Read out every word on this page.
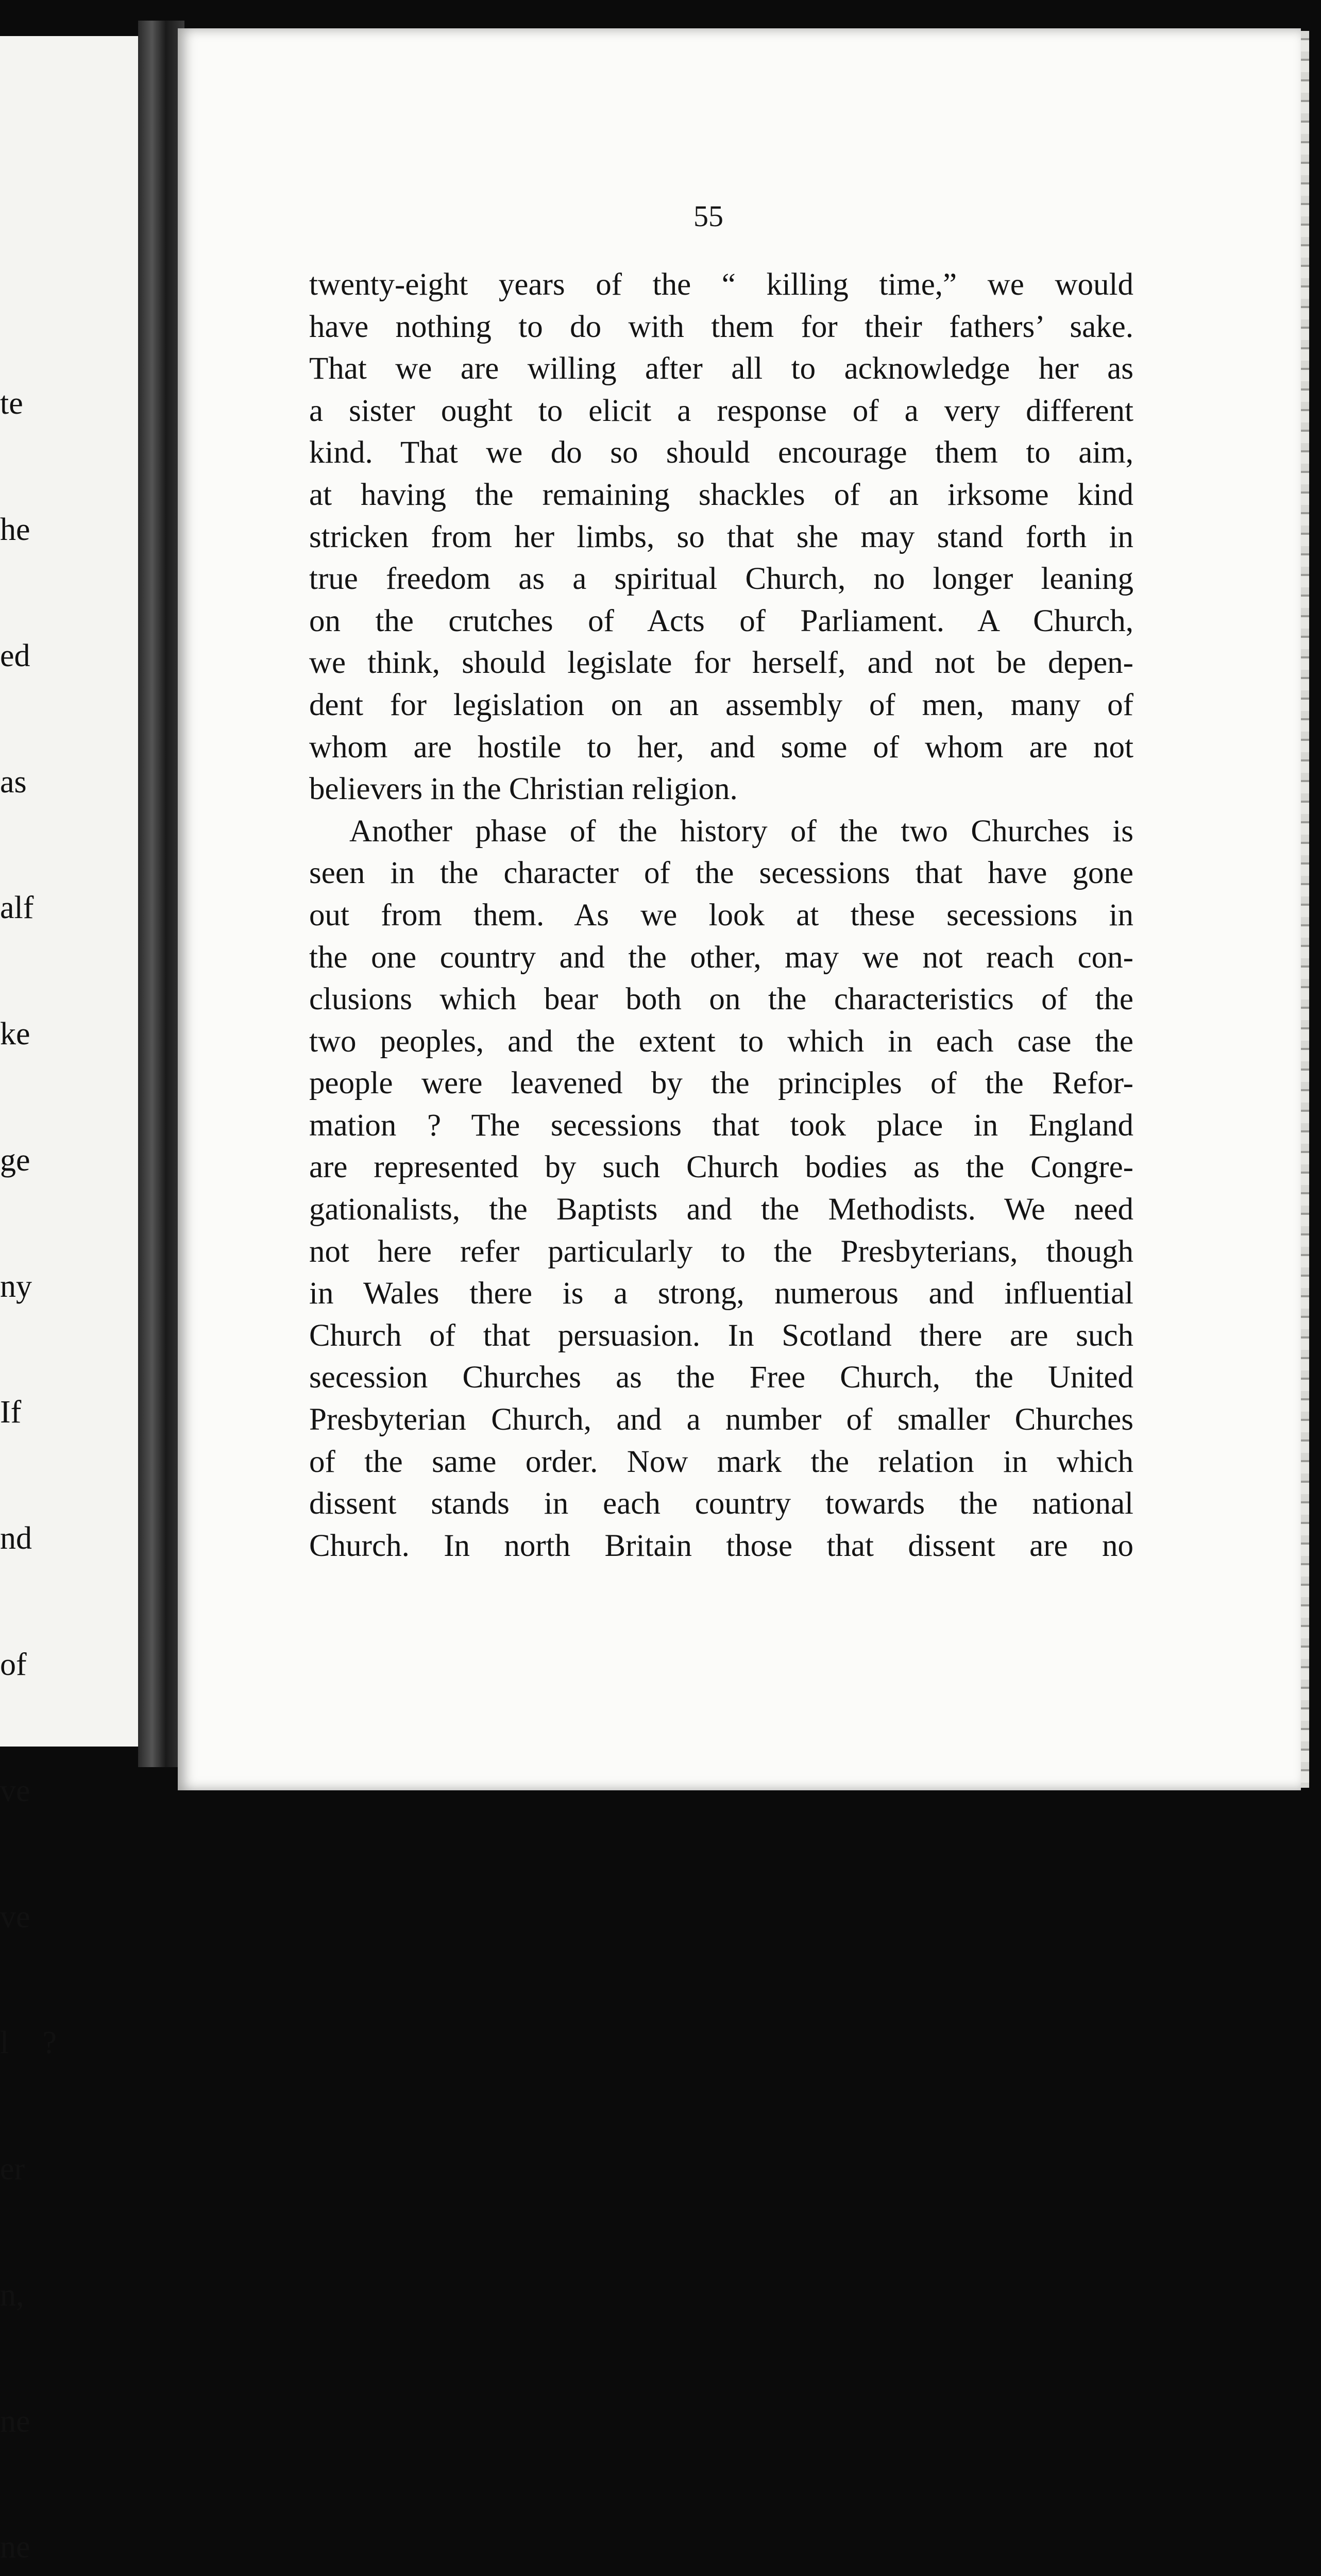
te

he

ed

as

alf

ke

ge

ny

If

nd

of

ve

ve

l ?

er

n,

ne

ne

55
twenty-eight years of the “ killing time,” we would
have nothing to do with them for their fathers’ sake.
That we are willing after all to acknowledge her as
a sister ought to elicit a response of a very different
kind. That we do so should encourage them to aim,
at having the remaining shackles of an irksome kind
stricken from her limbs, so that she may stand forth in
true freedom as a spiritual Church, no longer leaning
on the crutches of Acts of Parliament. A Church,
we think, should legislate for herself, and not be depen-
dent for legislation on an assembly of men, many of
whom are hostile to her, and some of whom are not
believers in the Christian religion.
Another phase of the history of the two Churches is
seen in the character of the secessions that have gone
out from them. As we look at these secessions in
the one country and the other, may we not reach con-
clusions which bear both on the characteristics of the
two peoples, and the extent to which in each case the
people were leavened by the principles of the Refor-
mation ? The secessions that took place in England
are represented by such Church bodies as the Congre-
gationalists, the Baptists and the Methodists. We need
not here refer particularly to the Presbyterians, though
in Wales there is a strong, numerous and influential
Church of that persuasion. In Scotland there are such
secession Churches as the Free Church, the United
Presbyterian Church, and a number of smaller Churches
of the same order. Now mark the relation in which
dissent stands in each country towards the national
Church. In north Britain those that dissent are no
